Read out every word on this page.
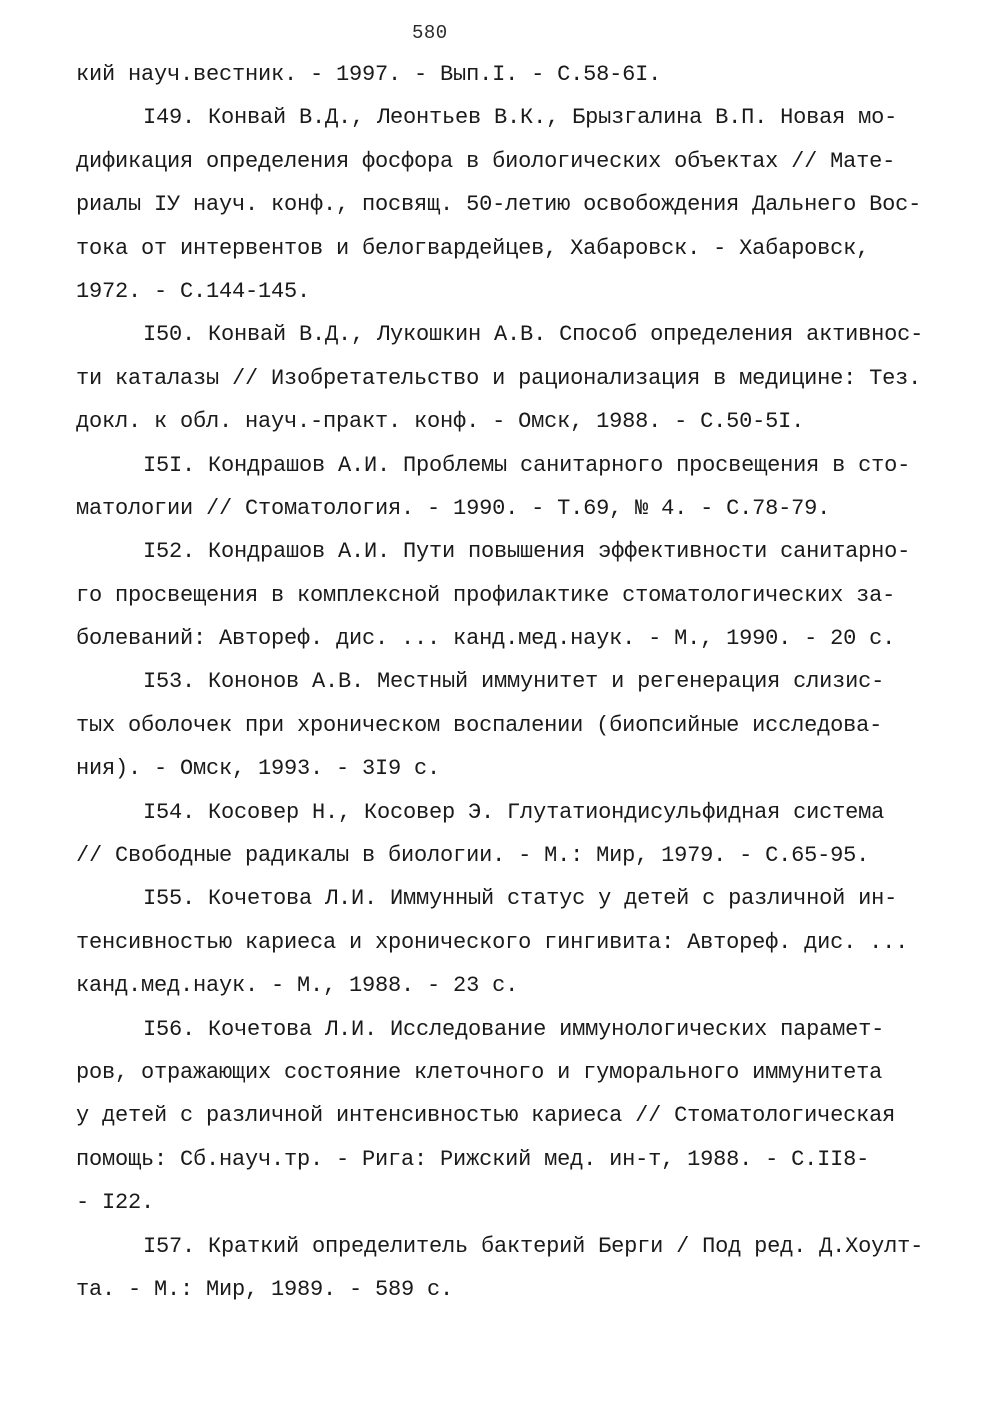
580
кий науч.вестник. - 1997. - Вып.I. - С.58-6I.
I49. Конвай В.Д., Леонтьев В.К., Брызгалина В.П. Новая мо-
дификация определения фосфора в биологических объектах // Мате-
риалы IУ науч. конф., посвящ. 50-летию освобождения Дальнего Вос-
тока от интервентов и белогвардейцев, Хабаровск. - Хабаровск,
1972. - С.144-145.
I50. Конвай В.Д., Лукошкин А.В. Способ определения активнос-
ти каталазы // Изобретательство и рационализация в медицине: Тез.
докл. к обл. науч.-практ. конф. - Омск, 1988. - С.50-5I.
I5I. Кондрашов А.И. Проблемы санитарного просвещения в сто-
матологии // Стоматология. - 1990. - Т.69, № 4. - С.78-79.
I52. Кондрашов А.И. Пути повышения эффективности санитарно-
го просвещения в комплексной профилактике стоматологических за-
болеваний: Автореф. дис. ... канд.мед.наук. - М., 1990. - 20 с.
I53. Кононов А.В. Местный иммунитет и регенерация слизис-
тых оболочек при хроническом воспалении (биопсийные исследова-
ния). - Омск, 1993. - 3I9 с.
I54. Косовер Н., Косовер Э. Глутатиондисульфидная система
// Свободные радикалы в биологии. - М.: Мир, 1979. - С.65-95.
I55. Кочетова Л.И. Иммунный статус у детей с различной ин-
тенсивностью кариеса и хронического гингивита: Автореф. дис. ...
канд.мед.наук. - М., 1988. - 23 с.
I56. Кочетова Л.И. Исследование иммунологических парамет-
ров, отражающих состояние клеточного и гуморального иммунитета
у детей с различной интенсивностью кариеса // Стоматологическая
помощь: Сб.науч.тр. - Рига: Рижский мед. ин-т, 1988. - С.II8-
- I22.
I57. Краткий определитель бактерий Берги / Под ред. Д.Хоулт-
та. - М.: Мир, 1989. - 589 с.
